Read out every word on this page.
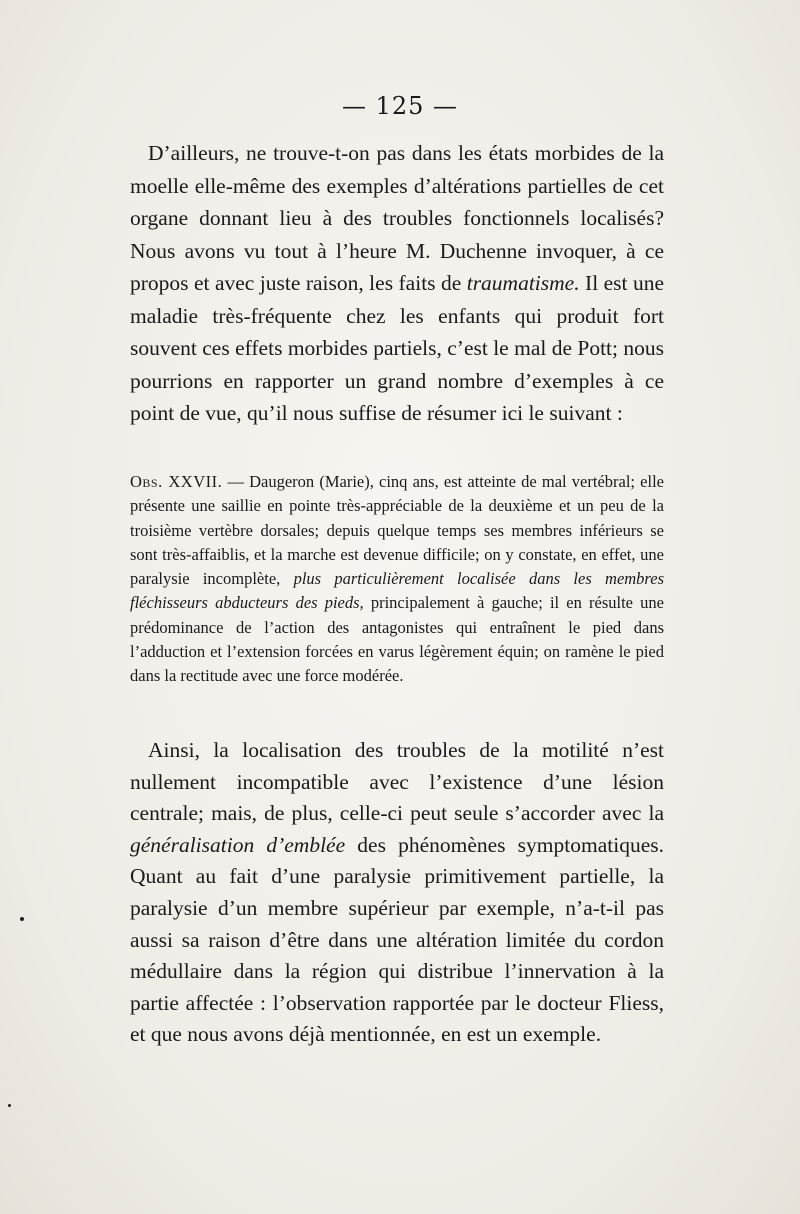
— 125 —

D’ailleurs, ne trouve-t-on pas dans les états morbides de la moelle elle-même des exemples d’altérations partielles de cet organe donnant lieu à des troubles fonctionnels localisés? Nous avons vu tout à l’heure M. Duchenne invoquer, à ce propos et avec juste raison, les faits de traumatisme. Il est une maladie très-fréquente chez les enfants qui produit fort souvent ces effets morbides partiels, c’est le mal de Pott; nous pourrions en rapporter un grand nombre d’exemples à ce point de vue, qu’il nous suffise de résumer ici le suivant :

Obs. XXVII. — Daugeron (Marie), cinq ans, est atteinte de mal vertébral; elle présente une saillie en pointe très-appréciable de la deuxième et un peu de la troisième vertèbre dorsales; depuis quelque temps ses membres inférieurs se sont très-affaiblis, et la marche est devenue difficile; on y constate, en effet, une paralysie incomplète, plus particulièrement localisée dans les membres fléchisseurs abducteurs des pieds, principalement à gauche; il en résulte une prédominance de l’action des antagonistes qui entraînent le pied dans l’adduction et l’extension forcées en varus légèrement équin; on ramène le pied dans la rectitude avec une force modérée.

Ainsi, la localisation des troubles de la motilité n’est nullement incompatible avec l’existence d’une lésion centrale; mais, de plus, celle-ci peut seule s’accorder avec la généralisation d’emblée des phénomènes symptomatiques. Quant au fait d’une paralysie primitivement partielle, la paralysie d’un membre supérieur par exemple, n’a-t-il pas aussi sa raison d’être dans une altération limitée du cordon médullaire dans la région qui distribue l’innervation à la partie affectée : l’observation rapportée par le docteur Fliess, et que nous avons déjà mentionnée, en est un exemple.
